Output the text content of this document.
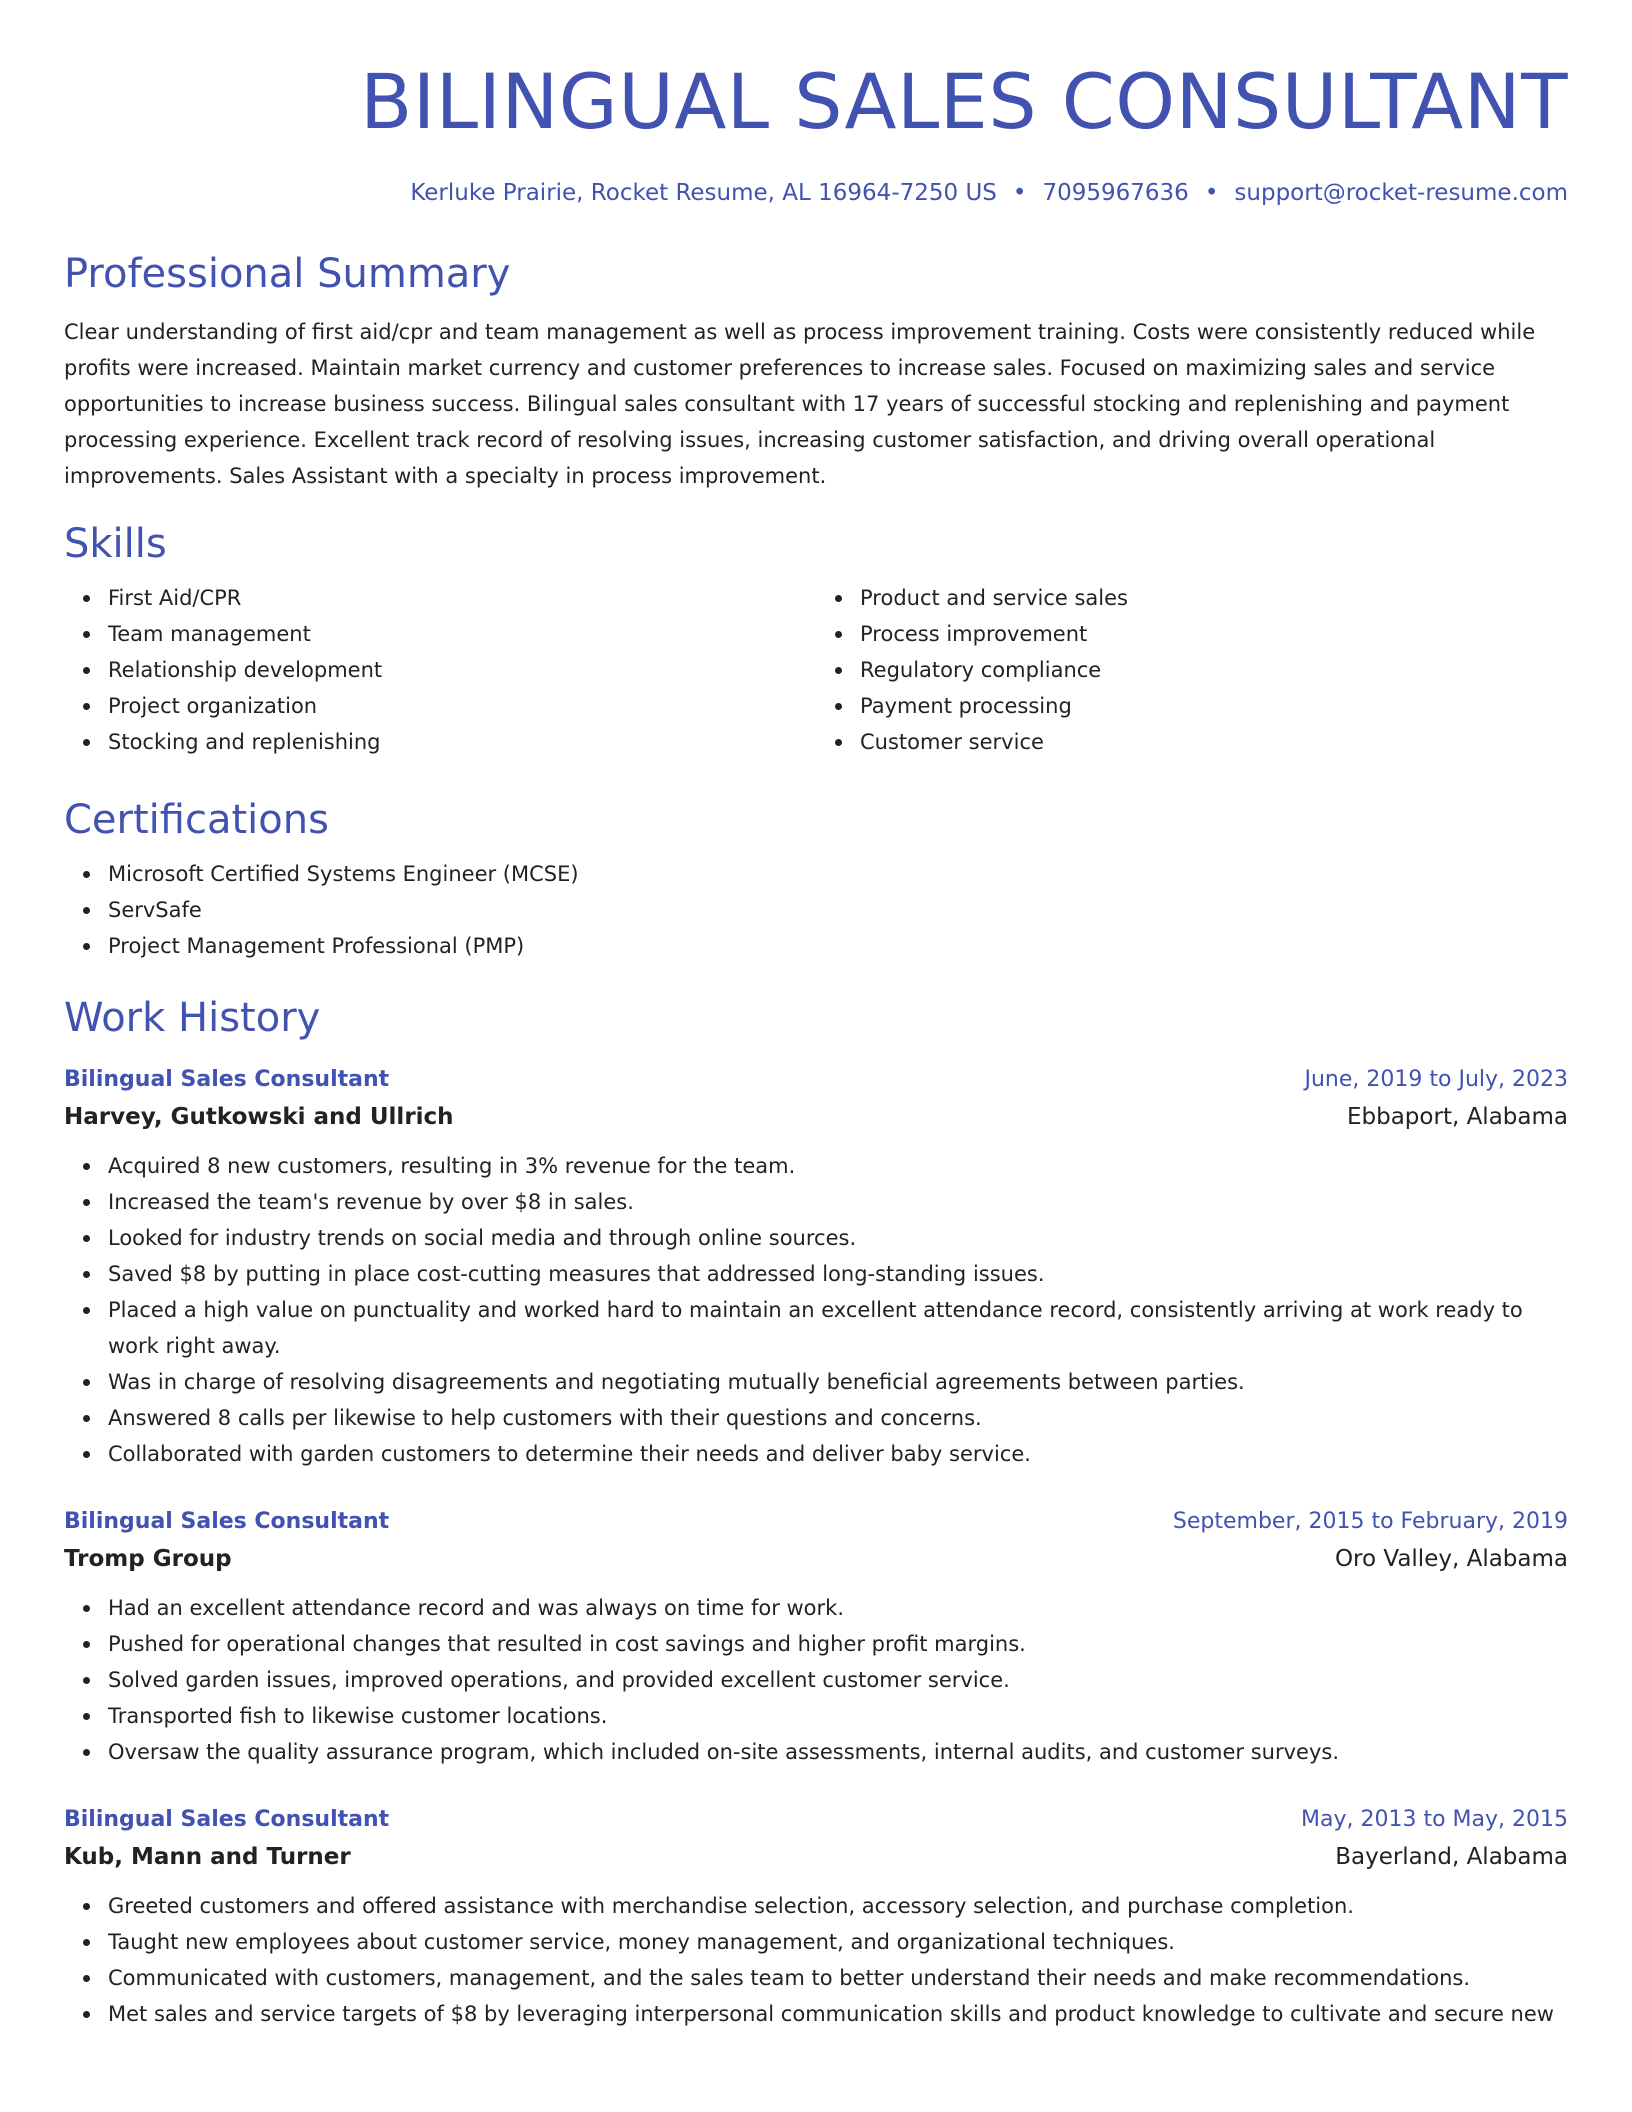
BILINGUAL SALES CONSULTANT
Kerluke Prairie, Rocket Resume, AL 16964-7250 US • 7095967636 • support@rocket-resume.com
Professional Summary

Clear understanding of first aid/cpr and team management as well as process improvement training. Costs were consistently reduced while profits were increased. Maintain market currency and customer preferences to increase sales. Focused on maximizing sales and service opportunities to increase business success. Bilingual sales consultant with 17 years of successful stocking and replenishing and payment processing experience. Excellent track record of resolving issues, increasing customer satisfaction, and driving overall operational improvements. Sales Assistant with a specialty in process improvement.

Skills
First Aid/CPR
Team management
Relationship development
Project organization
Stocking and replenishing
Product and service sales
Process improvement
Regulatory compliance
Payment processing
Customer service
Certifications
Microsoft Certified Systems Engineer (MCSE)
ServSafe
Project Management Professional (PMP)
Work History
Bilingual Sales Consultant	June, 2019 to July, 2023
Harvey, Gutkowski and Ullrich	Ebbaport, Alabama
Acquired 8 new customers, resulting in 3% revenue for the team.
Increased the team's revenue by over $8 in sales.
Looked for industry trends on social media and through online sources.
Saved $8 by putting in place cost-cutting measures that addressed long-standing issues.
Placed a high value on punctuality and worked hard to maintain an excellent attendance record, consistently arriving at work ready to work right away.
Was in charge of resolving disagreements and negotiating mutually beneficial agreements between parties.
Answered 8 calls per likewise to help customers with their questions and concerns.
Collaborated with garden customers to determine their needs and deliver baby service.
Bilingual Sales Consultant	September, 2015 to February, 2019
Tromp Group	Oro Valley, Alabama
Had an excellent attendance record and was always on time for work.
Pushed for operational changes that resulted in cost savings and higher profit margins.
Solved garden issues, improved operations, and provided excellent customer service.
Transported fish to likewise customer locations.
Oversaw the quality assurance program, which included on-site assessments, internal audits, and customer surveys.
Bilingual Sales Consultant	May, 2013 to May, 2015
Kub, Mann and Turner	Bayerland, Alabama
Greeted customers and offered assistance with merchandise selection, accessory selection, and purchase completion.
Taught new employees about customer service, money management, and organizational techniques.
Communicated with customers, management, and the sales team to better understand their needs and make recommendations.
Met sales and service targets of $8 by leveraging interpersonal communication skills and product knowledge to cultivate and secure new
